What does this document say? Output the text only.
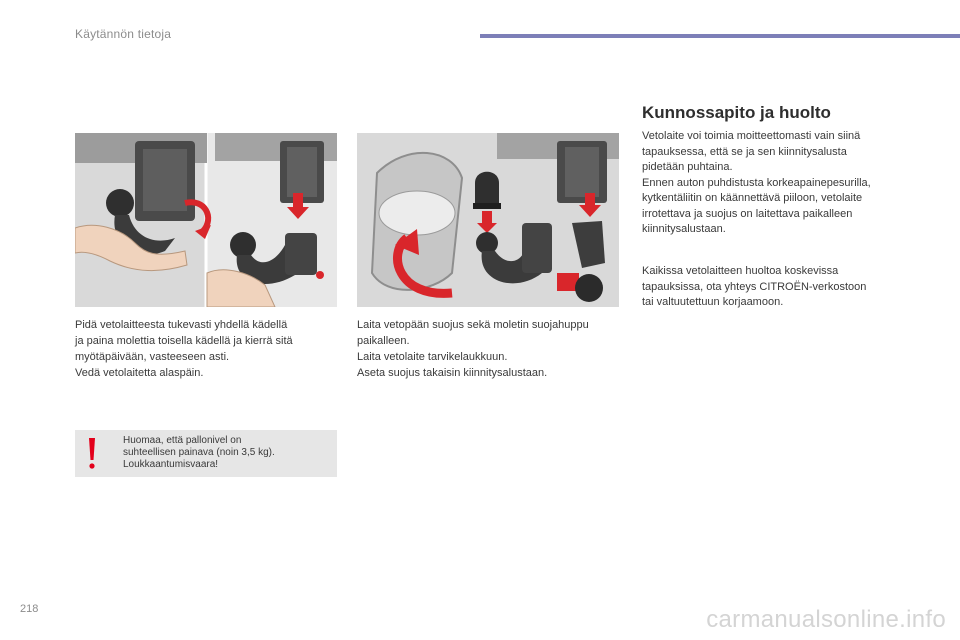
Käytännön tietoja
Pidä vetolaitteesta tukevasti yhdellä kädellä
ja paina molettia toisella kädellä ja kierrä sitä
myötäpäivään, vasteeseen asti.
Vedä vetolaitetta alaspäin.
Laita vetopään suojus sekä moletin suojahuppu
paikalleen.
Laita vetolaite tarvikelaukkuun.
Aseta suojus takaisin kiinnitysalustaan.
Huomaa, että pallonivel on
suhteellisen painava (noin 3,5 kg).
Loukkaantumisvaara!
Kunnossapito ja huolto
Vetolaite voi toimia moitteettomasti vain siinä
tapauksessa, että se ja sen kiinnitysalusta
pidetään puhtaina.
Ennen auton puhdistusta korkeapainepesurilla,
kytkentäliitin on käännettävä piiloon, vetolaite
irrotettava ja suojus on laitettava paikalleen
kiinnitysalustaan.
Kaikissa vetolaitteen huoltoa koskevissa
tapauksissa, ota yhteys CITROËN-verkostoon
tai valtuutettuun korjaamoon.
218	carmanualsonline.info
